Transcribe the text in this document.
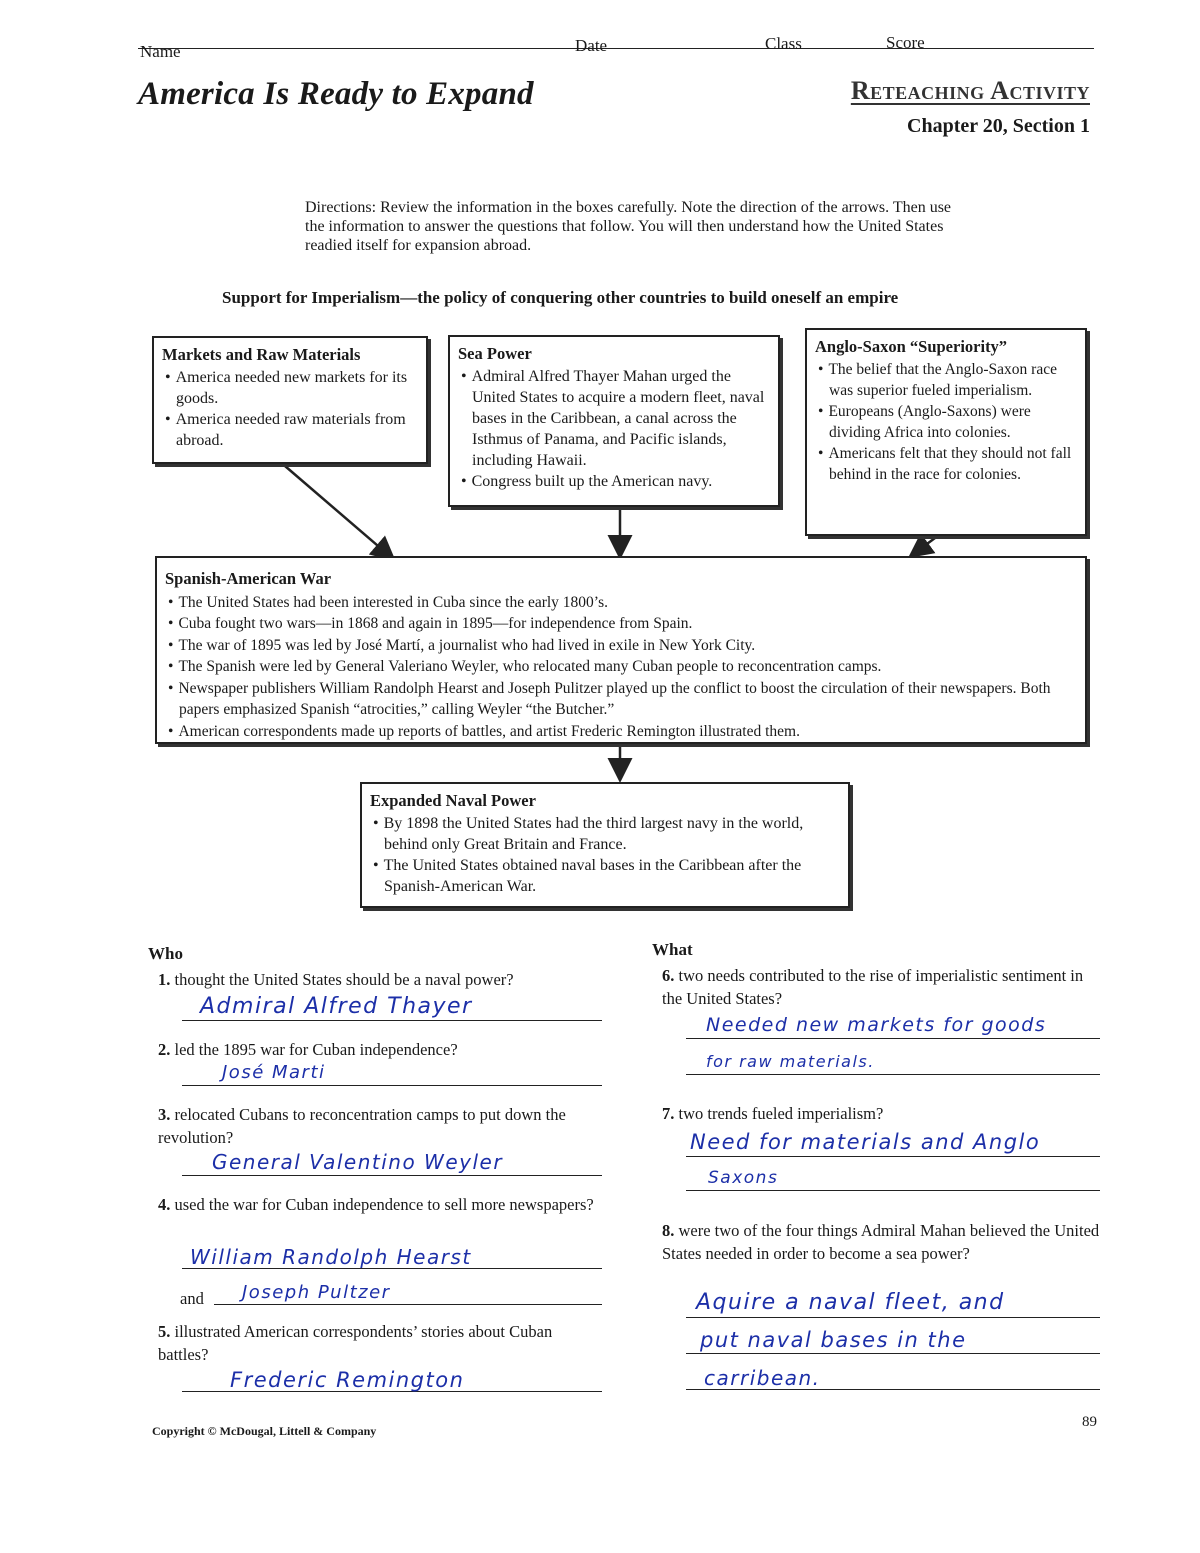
Name	Date	Class	Score
America Is Ready to Expand	Reteaching Activity
Chapter 20, Section 1
Directions: Review the information in the boxes carefully. Note the direction of the arrows. Then use the information to answer the questions that follow. You will then understand how the United States readied itself for expansion abroad.
Support for Imperialism—the policy of conquering other countries to build oneself an empire
Markets and Raw Materials
• America needed new markets for its goods.
• America needed raw materials from abroad.
Sea Power
• Admiral Alfred Thayer Mahan urged the United States to acquire a modern fleet, naval bases in the Caribbean, a canal across the Isthmus of Panama, and Pacific islands, including Hawaii.
• Congress built up the American navy.
Anglo-Saxon “Superiority”
• The belief that the Anglo-Saxon race was superior fueled imperialism.
• Europeans (Anglo-Saxons) were dividing Africa into colonies.
• Americans felt that they should not fall behind in the race for colonies.
Spanish-American War
• The United States had been interested in Cuba since the early 1800’s.
• Cuba fought two wars—in 1868 and again in 1895—for independence from Spain.
• The war of 1895 was led by José Martí, a journalist who had lived in exile in New York City.
• The Spanish were led by General Valeriano Weyler, who relocated many Cuban people to reconcentration camps.
• Newspaper publishers William Randolph Hearst and Joseph Pulitzer played up the conflict to boost the circulation of their newspapers. Both papers emphasized Spanish “atrocities,” calling Weyler “the Butcher.”
• American correspondents made up reports of battles, and artist Frederic Remington illustrated them.
Expanded Naval Power
• By 1898 the United States had the third largest navy in the world, behind only Great Britain and France.
• The United States obtained naval bases in the Caribbean after the Spanish-American War.
Who
1. thought the United States should be a naval power?
Admiral Alfred Thayer
2. led the 1895 war for Cuban independence?
José Marti
3. relocated Cubans to reconcentration camps to put down the revolution?
General Valentino Weyler
4. used the war for Cuban independence to sell more newspapers?
William Randolph Hearst
and Joseph Pultzer
5. illustrated American correspondents’ stories about Cuban battles?
Frederic Remington
What
6. two needs contributed to the rise of imperialistic sentiment in the United States?
Needed new markets for goods
for raw materials.
7. two trends fueled imperialism?
Need for materials and Anglo
Saxons
8. were two of the four things Admiral Mahan believed the United States needed in order to become a sea power?
Aquire a naval fleet, and
put naval bases in the
carribean.
Copyright © McDougal, Littell & Company
89
